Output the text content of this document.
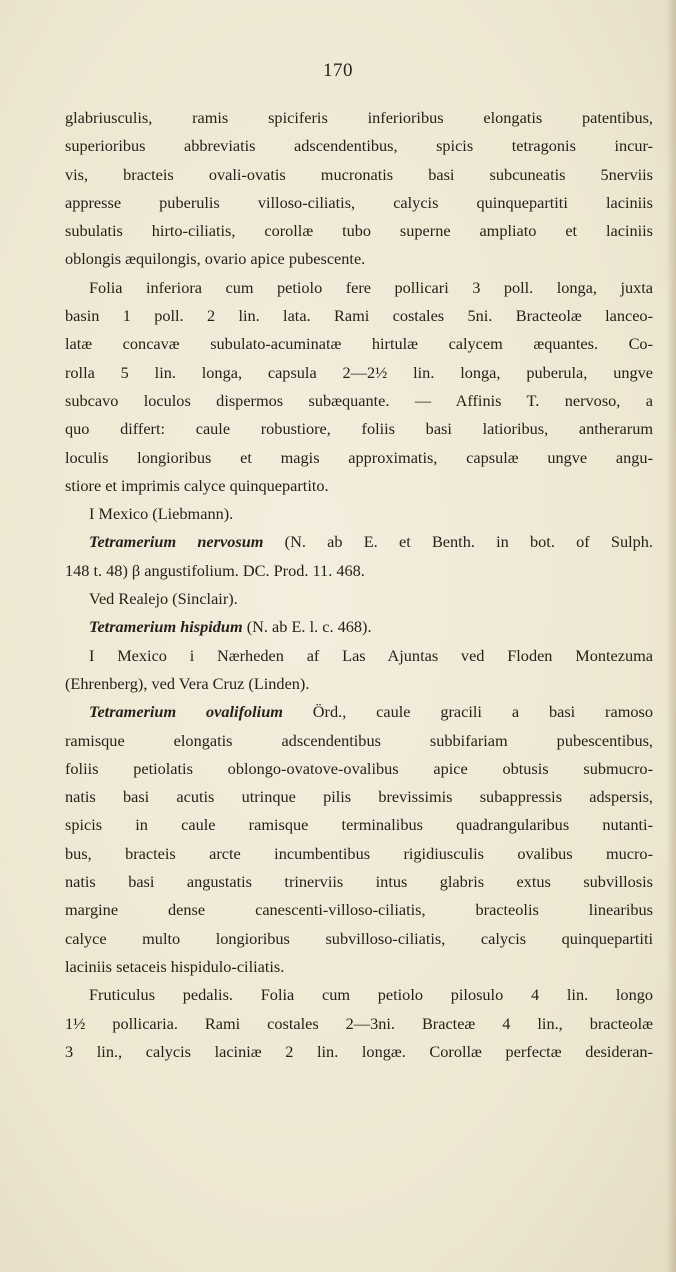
170
glabriusculis, ramis spiciferis inferioribus elongatis patentibus,
superioribus abbreviatis adscendentibus, spicis tetragonis incur-
vis, bracteis ovali-ovatis mucronatis basi subcuneatis 5nerviis
appresse puberulis villoso-ciliatis, calycis quinquepartiti laciniis
subulatis hirto-ciliatis, corollæ tubo superne ampliato et laciniis
oblongis æquilongis, ovario apice pubescente.
Folia inferiora cum petiolo fere pollicari 3 poll. longa, juxta
basin 1 poll. 2 lin. lata. Rami costales 5ni. Bracteolæ lanceo-
latæ concavæ subulato-acuminatæ hirtulæ calycem æquantes. Co-
rolla 5 lin. longa, capsula 2—2½ lin. longa, puberula, ungve
subcavo loculos dispermos subæquante. — Affinis T. nervoso, a
quo differt: caule robustiore, foliis basi latioribus, antherarum
loculis longioribus et magis approximatis, capsulæ ungve angu-
stiore et imprimis calyce quinquepartito.
I Mexico (Liebmann).
Tetramerium nervosum (N. ab E. et Benth. in bot. of Sulph.
148 t. 48) β angustifolium. DC. Prod. 11. 468.
Ved Realejo (Sinclair).
Tetramerium hispidum (N. ab E. l. c. 468).
I Mexico i Nærheden af Las Ajuntas ved Floden Montezuma
(Ehrenberg), ved Vera Cruz (Linden).
Tetramerium ovalifolium Örd., caule gracili a basi ramoso
ramisque elongatis adscendentibus subbifariam pubescentibus,
foliis petiolatis oblongo-ovatove-ovalibus apice obtusis submucro-
natis basi acutis utrinque pilis brevissimis subappressis adspersis,
spicis in caule ramisque terminalibus quadrangularibus nutanti-
bus, bracteis arcte incumbentibus rigidiusculis ovalibus mucro-
natis basi angustatis trinerviis intus glabris extus subvillosis
margine dense canescenti-villoso-ciliatis, bracteolis linearibus
calyce multo longioribus subvilloso-ciliatis, calycis quinquepartiti
laciniis setaceis hispidulo-ciliatis.
Fruticulus pedalis. Folia cum petiolo pilosulo 4 lin. longo
1½ pollicaria. Rami costales 2—3ni. Bracteæ 4 lin., bracteolæ
3 lin., calycis laciniæ 2 lin. longæ. Corollæ perfectæ desideran-
